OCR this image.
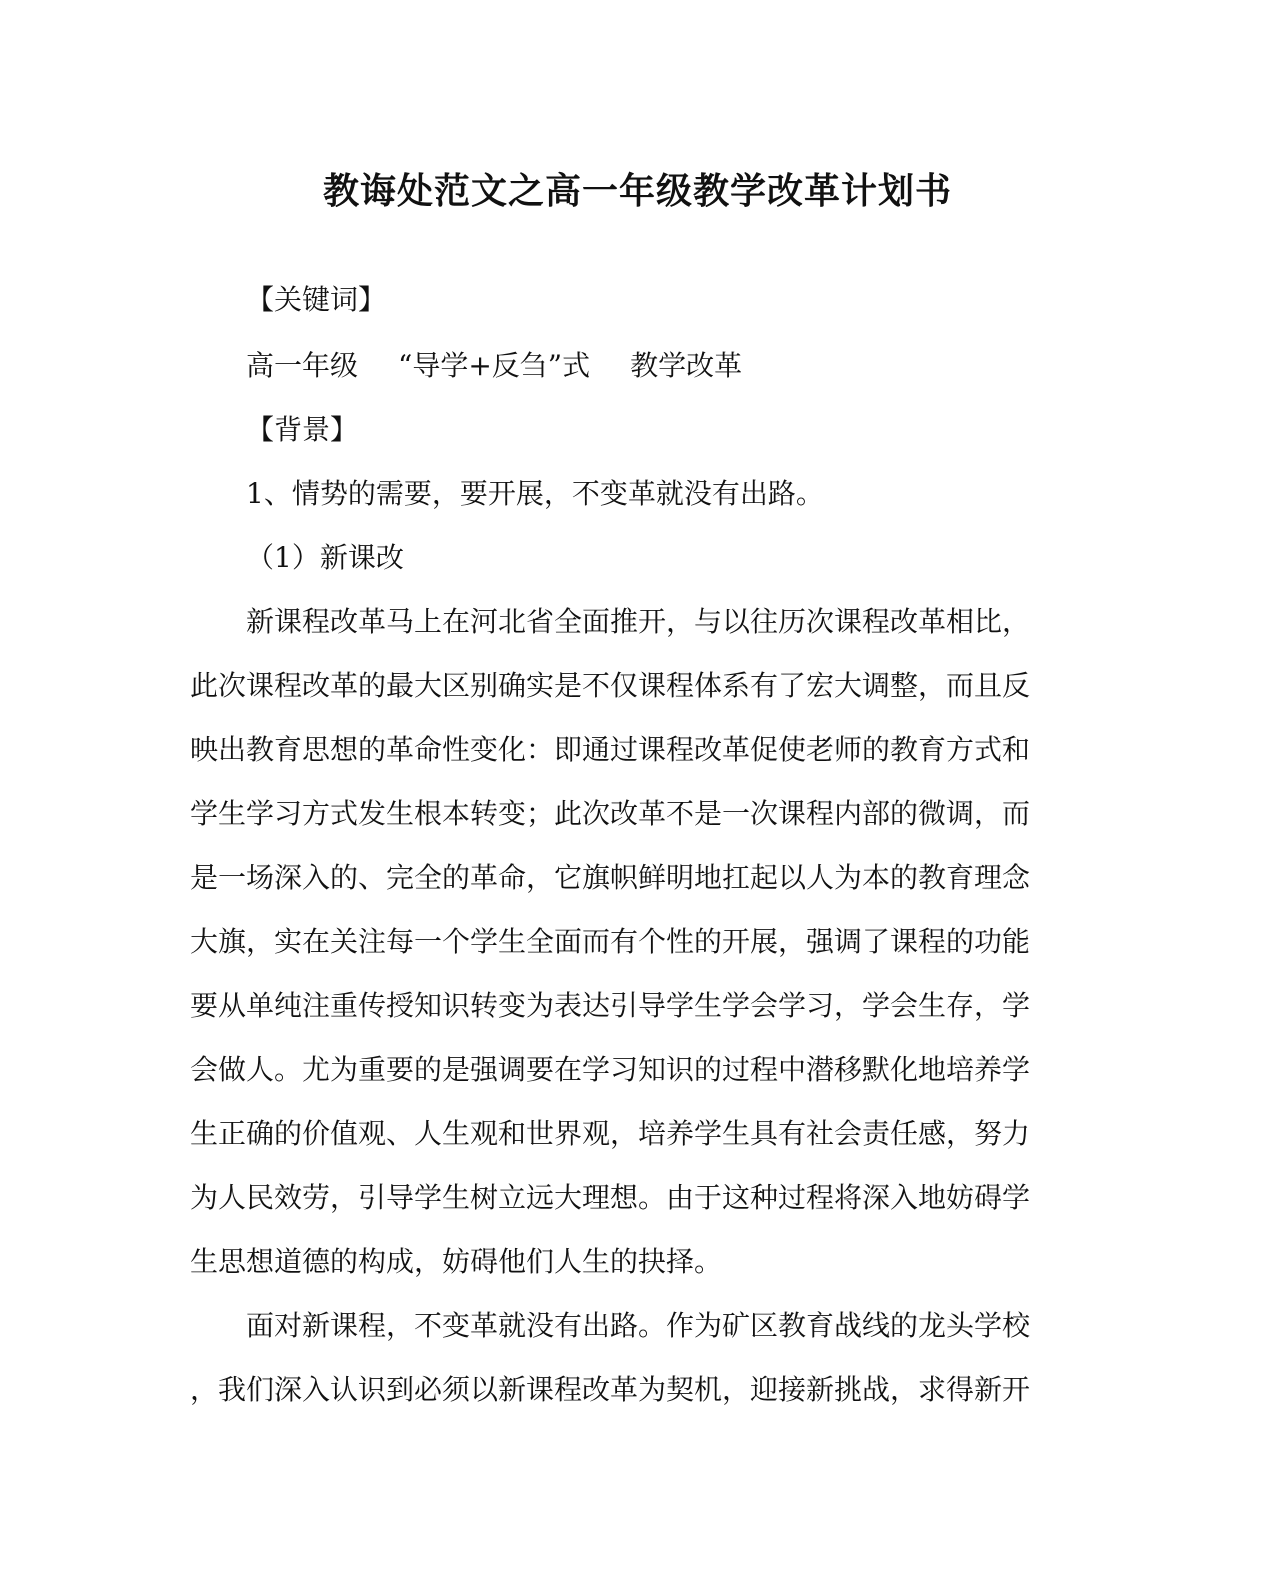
教诲处范文之高一年级教学改革计划书
【关键词】
高一年级 “导学+反刍”式 教学改革
【背景】
1、情势的需要，要开展，不变革就没有出路。
（1）新课改
新课程改革马上在河北省全面推开，与以往历次课程改革相比，
此次课程改革的最大区别确实是不仅课程体系有了宏大调整，而且反
映出教育思想的革命性变化：即通过课程改革促使老师的教育方式和
学生学习方式发生根本转变；此次改革不是一次课程内部的微调，而
是一场深入的、完全的革命，它旗帜鲜明地扛起以人为本的教育理念
大旗，实在关注每一个学生全面而有个性的开展，强调了课程的功能
要从单纯注重传授知识转变为表达引导学生学会学习，学会生存，学
会做人。尤为重要的是强调要在学习知识的过程中潜移默化地培养学
生正确的价值观、人生观和世界观，培养学生具有社会责任感，努力
为人民效劳，引导学生树立远大理想。由于这种过程将深入地妨碍学
生思想道德的构成，妨碍他们人生的抉择。
面对新课程，不变革就没有出路。作为矿区教育战线的龙头学校
，我们深入认识到必须以新课程改革为契机，迎接新挑战，求得新开
